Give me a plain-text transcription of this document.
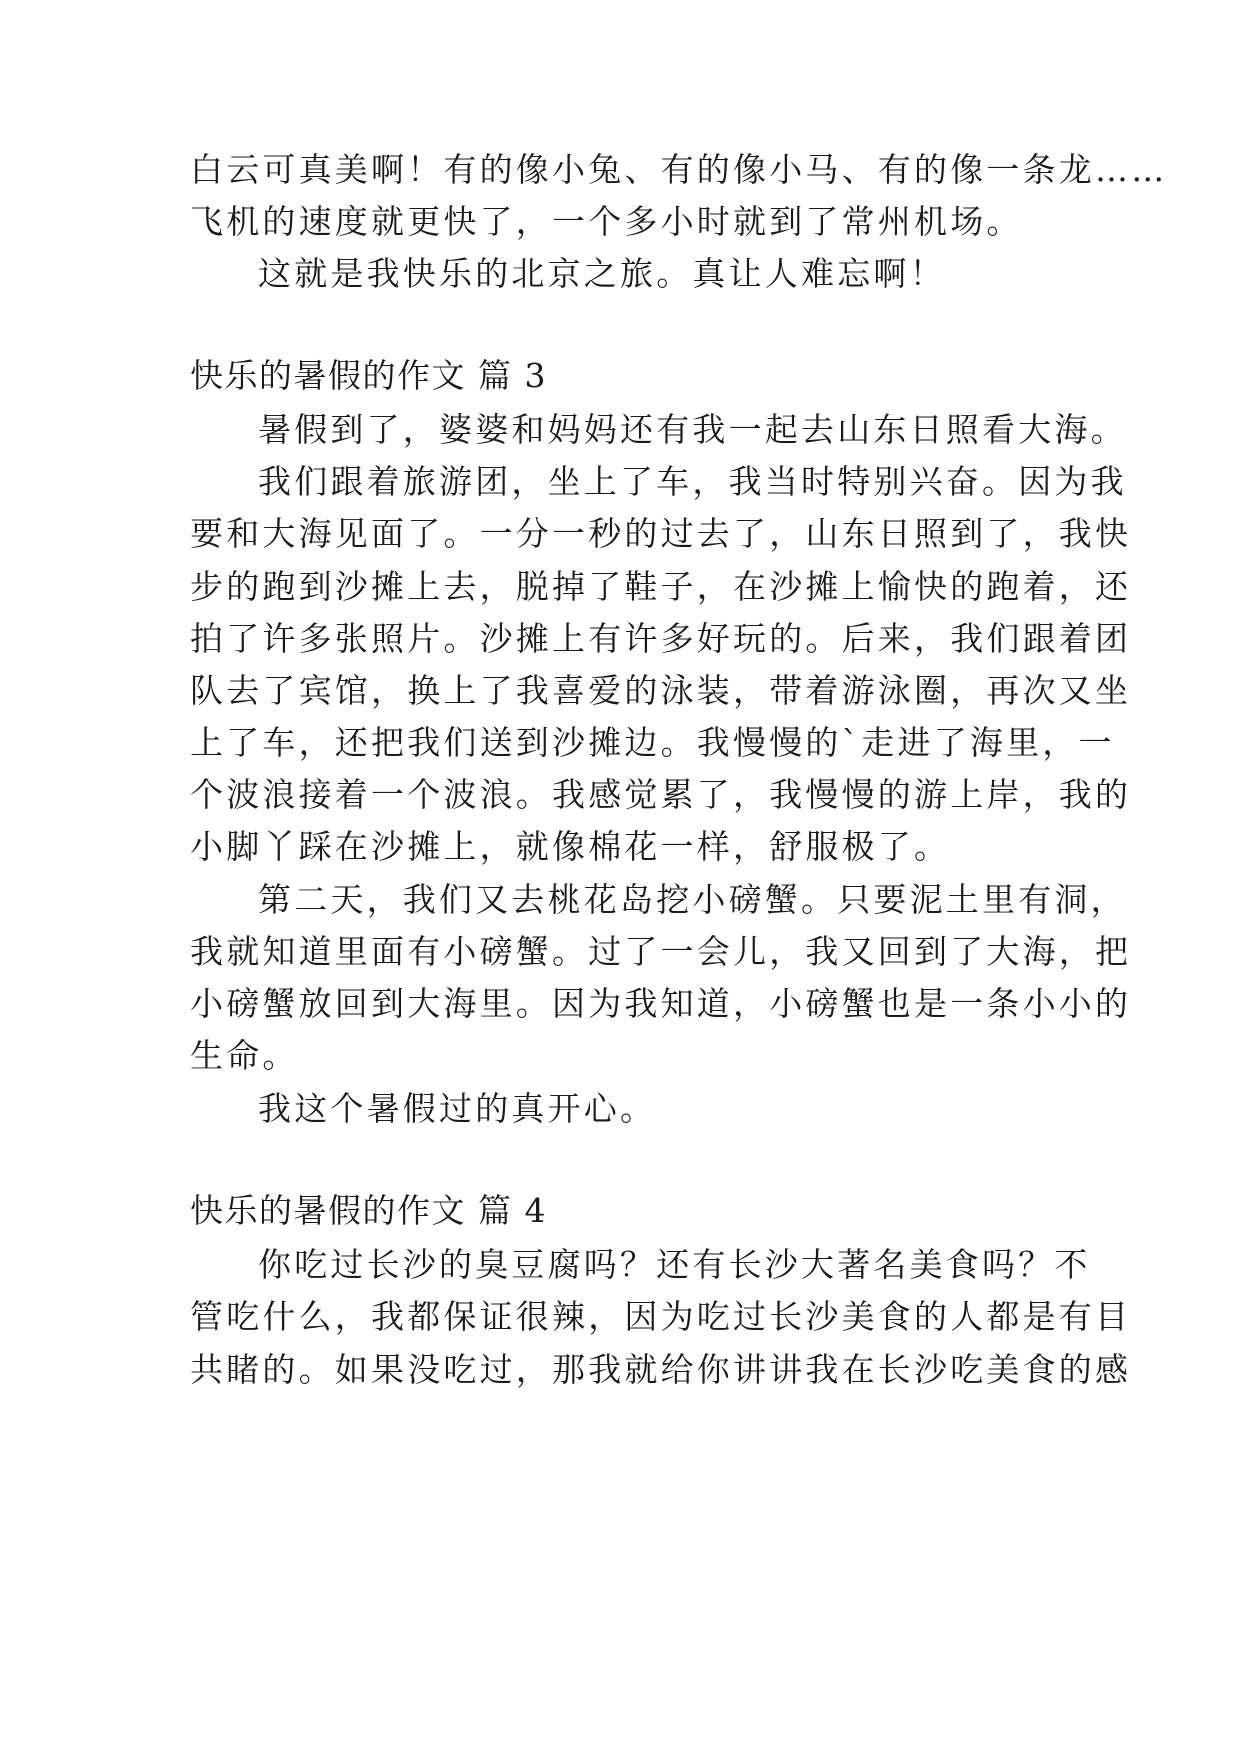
白云可真美啊！有的像小兔、有的像小马、有的像一条龙……
飞机的速度就更快了，一个多小时就到了常州机场。
这就是我快乐的北京之旅。真让人难忘啊！
快乐的暑假的作文 篇 3
暑假到了，婆婆和妈妈还有我一起去山东日照看大海。
我们跟着旅游团，坐上了车，我当时特别兴奋。因为我
要和大海见面了。一分一秒的过去了，山东日照到了，我快
步的跑到沙摊上去，脱掉了鞋子，在沙摊上愉快的跑着，还
拍了许多张照片。沙摊上有许多好玩的。后来，我们跟着团
队去了宾馆，换上了我喜爱的泳装，带着游泳圈，再次又坐
上了车，还把我们送到沙摊边。我慢慢的`走进了海里，一
个波浪接着一个波浪。我感觉累了，我慢慢的游上岸，我的
小脚丫踩在沙摊上，就像棉花一样，舒服极了。
第二天，我们又去桃花岛挖小磅蟹。只要泥土里有洞，
我就知道里面有小磅蟹。过了一会儿，我又回到了大海，把
小磅蟹放回到大海里。因为我知道，小磅蟹也是一条小小的
生命。
我这个暑假过的真开心。
快乐的暑假的作文 篇 4
你吃过长沙的臭豆腐吗？还有长沙大著名美食吗？不
管吃什么，我都保证很辣，因为吃过长沙美食的人都是有目
共睹的。如果没吃过，那我就给你讲讲我在长沙吃美食的感
